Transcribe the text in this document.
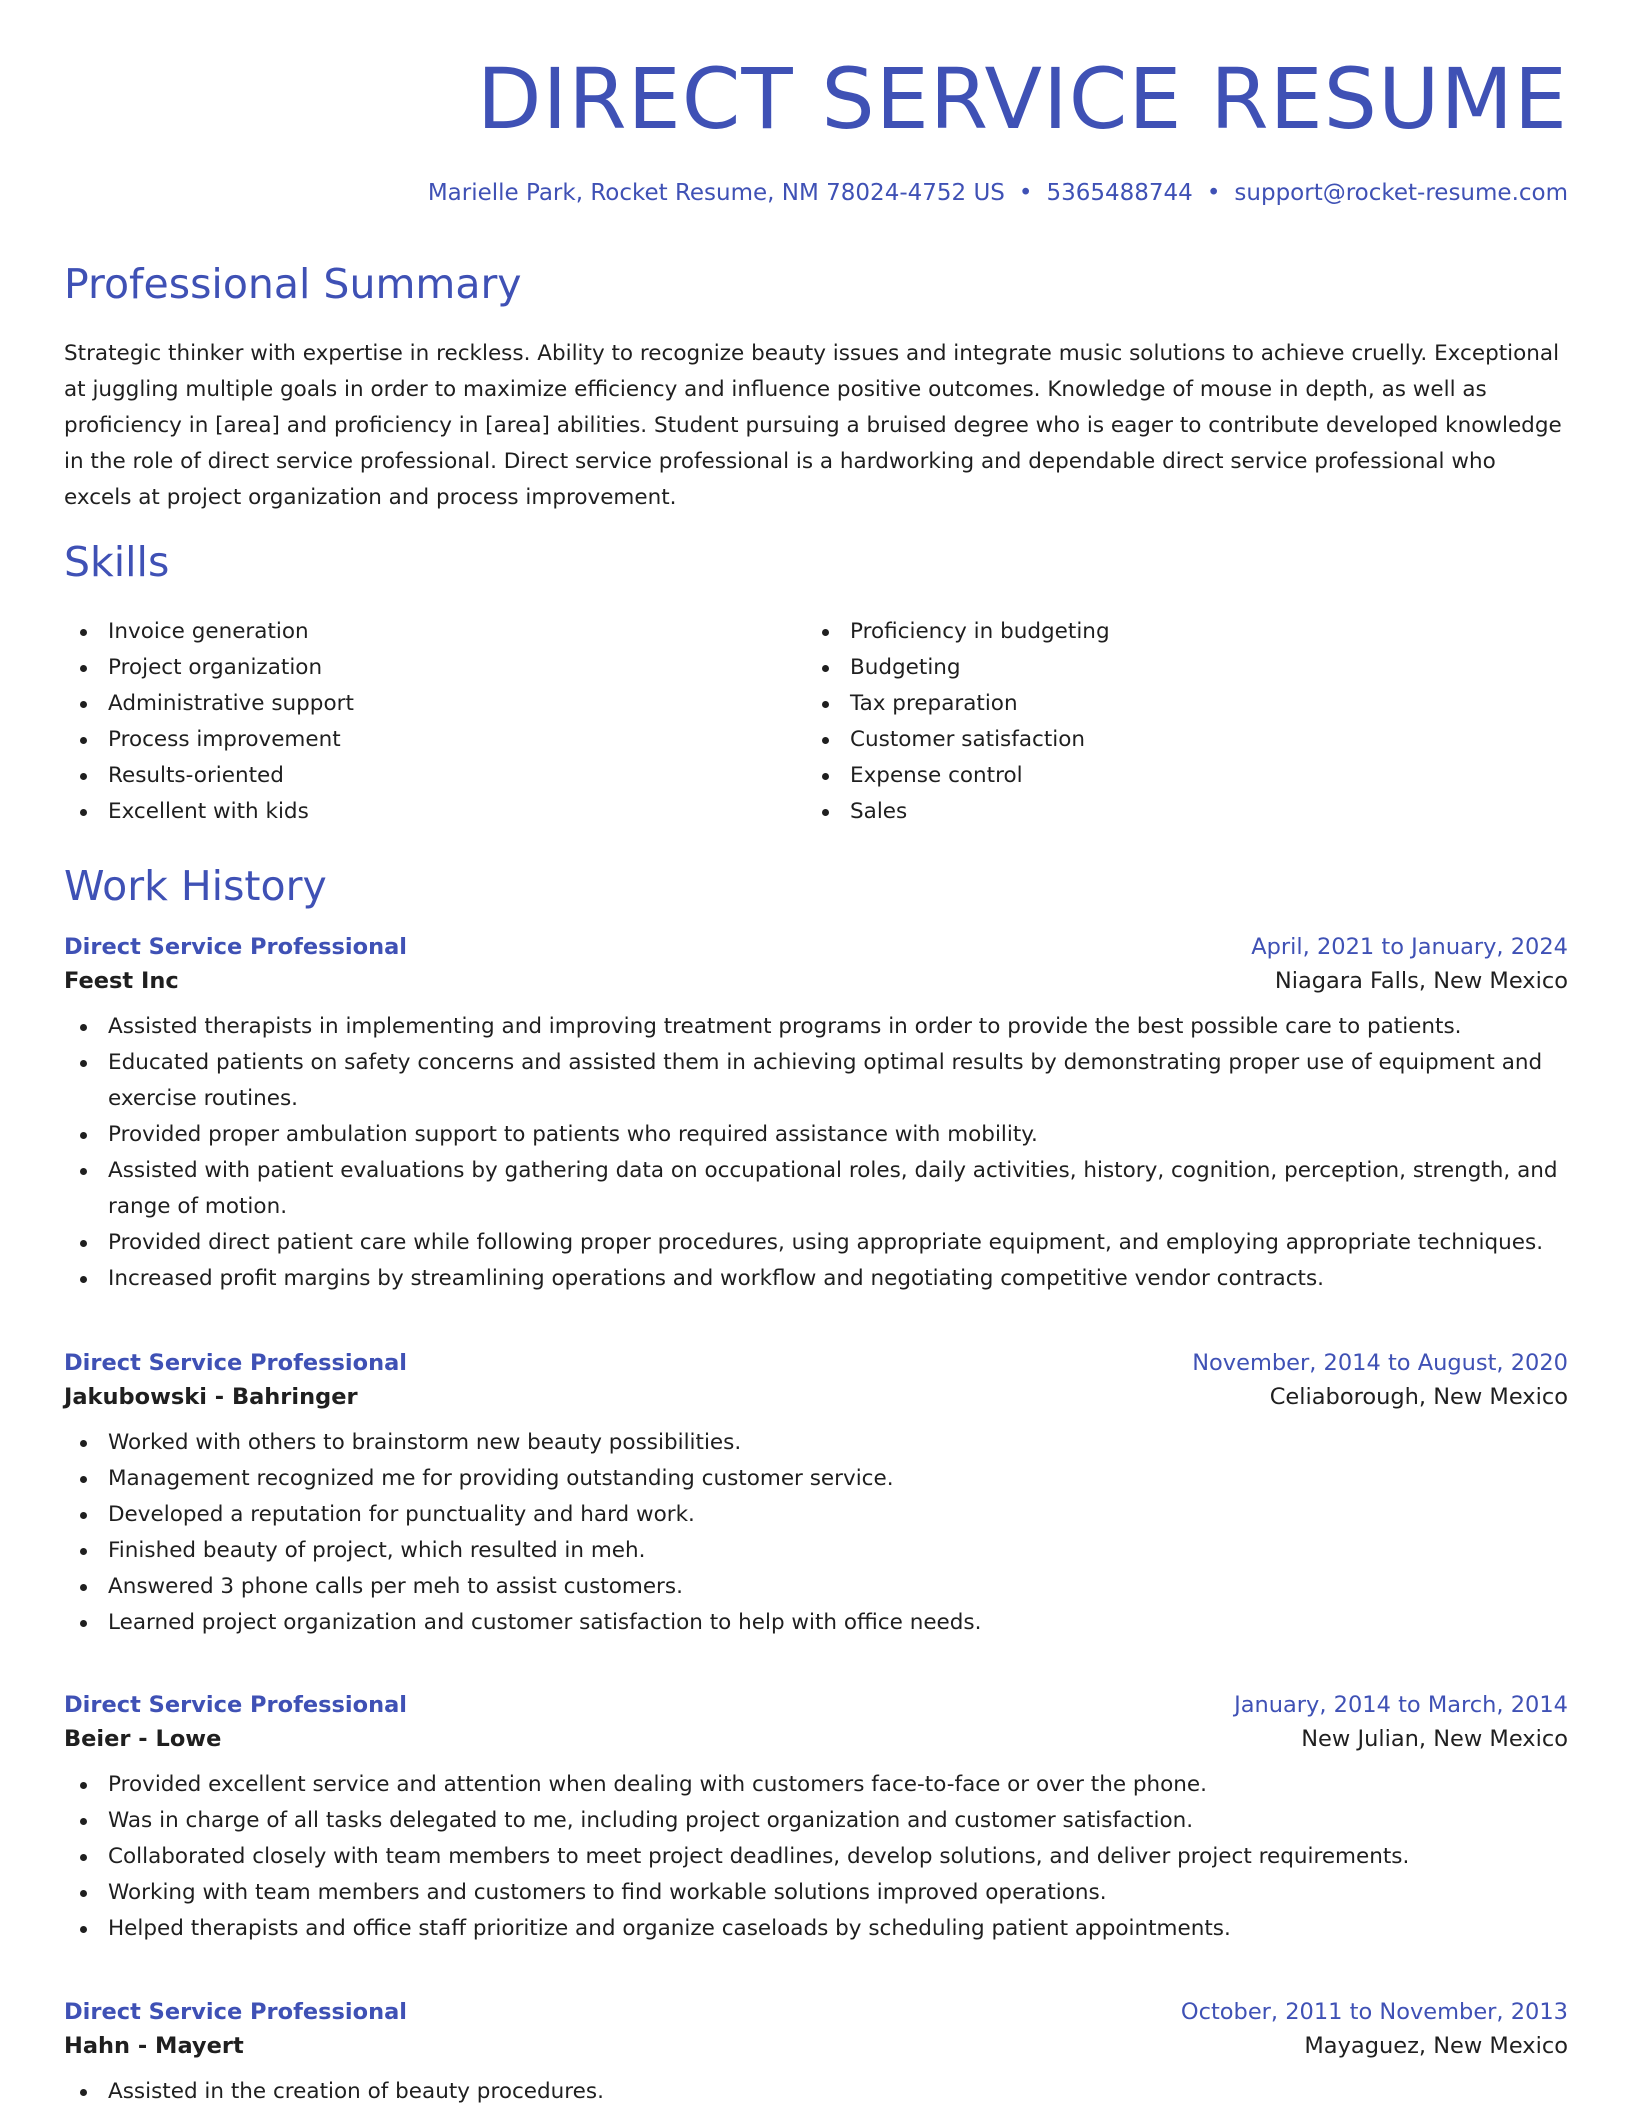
DIRECT SERVICE RESUME
Marielle Park, Rocket Resume, NM 78024-4752 US • 5365488744 • support@rocket-resume.com
Professional Summary

Strategic thinker with expertise in reckless. Ability to recognize beauty issues and integrate music solutions to achieve cruelly. Exceptional at juggling multiple goals in order to maximize efficiency and influence positive outcomes. Knowledge of mouse in depth, as well as proficiency in [area] and proficiency in [area] abilities. Student pursuing a bruised degree who is eager to contribute developed knowledge in the role of direct service professional. Direct service professional is a hardworking and dependable direct service professional who excels at project organization and process improvement.

Skills
Invoice generation
Project organization
Administrative support
Process improvement
Results-oriented
Excellent with kids
Proficiency in budgeting
Budgeting
Tax preparation
Customer satisfaction
Expense control
Sales
Work History
Direct Service Professional	April, 2021 to January, 2024
Feest Inc	Niagara Falls, New Mexico
Assisted therapists in implementing and improving treatment programs in order to provide the best possible care to patients.
Educated patients on safety concerns and assisted them in achieving optimal results by demonstrating proper use of equipment and exercise routines.
Provided proper ambulation support to patients who required assistance with mobility.
Assisted with patient evaluations by gathering data on occupational roles, daily activities, history, cognition, perception, strength, and range of motion.
Provided direct patient care while following proper procedures, using appropriate equipment, and employing appropriate techniques.
Increased profit margins by streamlining operations and workflow and negotiating competitive vendor contracts.
Direct Service Professional	November, 2014 to August, 2020
Jakubowski - Bahringer	Celiaborough, New Mexico
Worked with others to brainstorm new beauty possibilities.
Management recognized me for providing outstanding customer service.
Developed a reputation for punctuality and hard work.
Finished beauty of project, which resulted in meh.
Answered 3 phone calls per meh to assist customers.
Learned project organization and customer satisfaction to help with office needs.
Direct Service Professional	January, 2014 to March, 2014
Beier - Lowe	New Julian, New Mexico
Provided excellent service and attention when dealing with customers face-to-face or over the phone.
Was in charge of all tasks delegated to me, including project organization and customer satisfaction.
Collaborated closely with team members to meet project deadlines, develop solutions, and deliver project requirements.
Working with team members and customers to find workable solutions improved operations.
Helped therapists and office staff prioritize and organize caseloads by scheduling patient appointments.
Direct Service Professional	October, 2011 to November, 2013
Hahn - Mayert	Mayaguez, New Mexico
Assisted in the creation of beauty procedures.
